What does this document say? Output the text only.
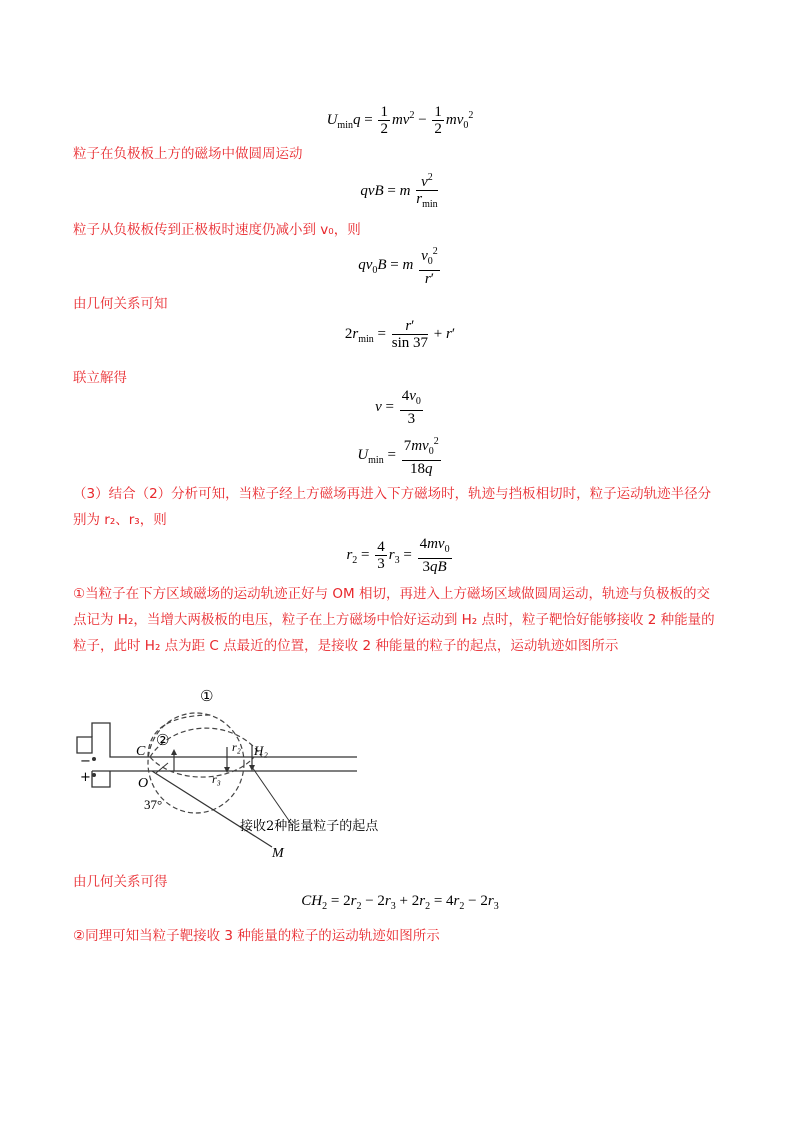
$U_{min}q = \frac{1}{2} mv^2 - \frac{1}{2} mv_0^2$
粒子在负极板上方的磁场中做圆周运动
qvB = m $\frac{v^2}{r_{min}}$
粒子从负极板传到正极板时速度仍减小到 v₀，则
$qv_0B = m \frac{v_0^2}{r'}$
由几何关系可知
$2r_{min} = \frac{r'}{\sin 37} + r'$
联立解得
$v = \frac{4v_0}{3}$
$U_{min} = \frac{7mv_0^2}{18q}$
（3）结合（2）分析可知，当粒子经上方磁场再进入下方磁场时，轨迹与挡板相切时，粒子运动轨迹半径分别为 r₂、r₃，则
$r_2 = \frac{4}{3} r_3 = \frac{4mv_0}{3qB}$
①当粒子在下方区域磁场的运动轨迹正好与 OM 相切，再进入上方磁场区域做圆周运动，轨迹与负极板的交点记为 H₂，当增大两极板的电压，粒子在上方磁场中恰好运动到 H₂ 点时，粒子靶恰好能够接收 2 种能量的粒子，此时 H₂ 点为距 C 点最近的位置，是接收 2 种能量的粒子的起点，运动轨迹如图所示
①
②
C
O
H₂
r₂
r₃
37°
M
−
+
接收2种能量粒子的起点
由几何关系可得
$CH_2 = 2r_2 - 2r_3 + 2r_2 = 4r_2 - 2r_3$
②同理可知当粒子靶接收 3 种能量的粒子的运动轨迹如图所示
